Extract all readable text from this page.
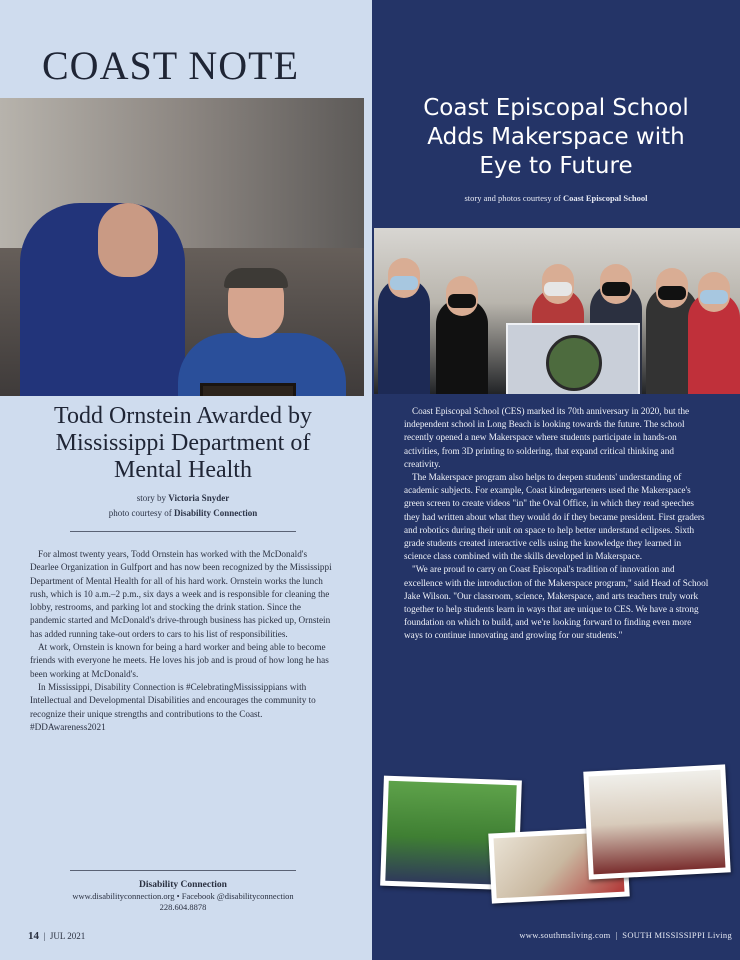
COAST NOTE
Todd Ornstein Awarded by Mississippi Department of Mental Health
story by Victoria Snyder
photo courtesy of Disability Connection

For almost twenty years, Todd Ornstein has worked with the McDonald's Dearlee Organization in Gulfport and has now been recognized by the Mississippi Department of Mental Health for all of his hard work. Ornstein works the lunch rush, which is 10 a.m.–2 p.m., six days a week and is responsible for cleaning the lobby, restrooms, and parking lot and stocking the drink station. Since the pandemic started and McDonald's drive-through business has picked up, Ornstein has added running take-out orders to cars to his list of responsibilities.

At work, Ornstein is known for being a hard worker and being able to become friends with everyone he meets. He loves his job and is proud of how long he has been working at McDonald's.

In Mississippi, Disability Connection is #CelebratingMississippians with Intellectual and Developmental Disabilities and encourages the community to recognize their unique strengths and contributions to the Coast. #DDAwareness2021

Disability Connection
www.disabilityconnection.org • Facebook @disabilityconnection
228.604.8878
14  |  JUL 2021
Coast Episcopal School
Adds Makerspace with
Eye to Future
story and photos courtesy of Coast Episcopal School

Coast Episcopal School (CES) marked its 70th anniversary in 2020, but the independent school in Long Beach is looking towards the future. The school recently opened a new Makerspace where students participate in hands-on activities, from 3D printing to soldering, that expand critical thinking and creativity.

The Makerspace program also helps to deepen students' understanding of academic subjects. For example, Coast kindergarteners used the Makerspace's green screen to create videos "in" the Oval Office, in which they read speeches they had written about what they would do if they became president. First graders and robotics during their unit on space to help better understand eclipses. Sixth grade students created interactive cells using the knowledge they learned in science class combined with the skills developed in Makerspace.

"We are proud to carry on Coast Episcopal's tradition of innovation and excellence with the introduction of the Makerspace program," said Head of School Jake Wilson. "Our classroom, science, Makerspace, and arts teachers truly work together to help students learn in ways that are unique to CES. We have a strong foundation on which to build, and we're looking forward to finding even more ways to continue innovating and growing for our students."

www.southmsliving.com  |  SOUTH MISSISSIPPI Living
